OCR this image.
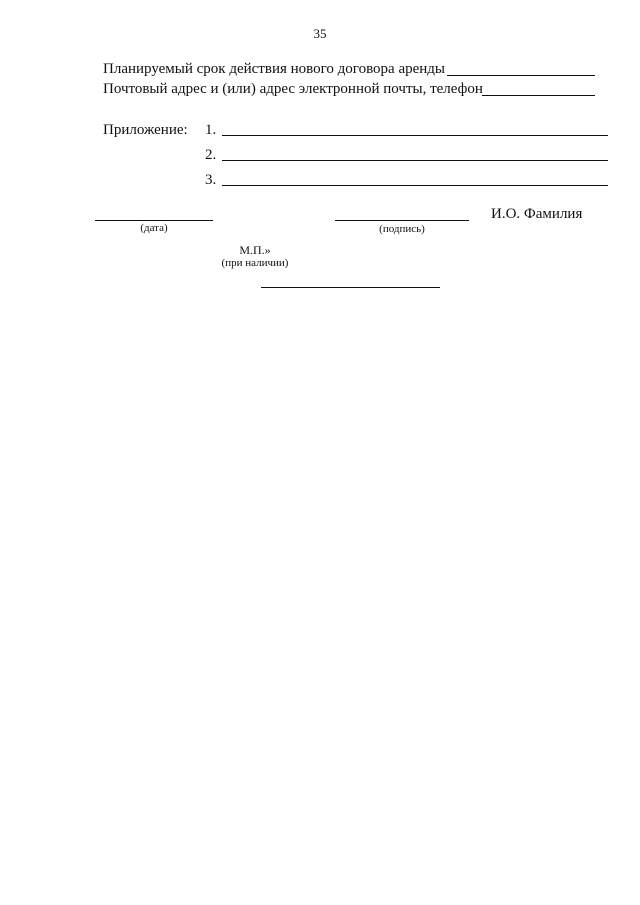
35
Планируемый срок действия нового договора аренды
Почтовый адрес и (или) адрес электронной почты, телефон
Приложение: 1.
2.
3.
(дата)	(подпись)
И.О. Фамилия
М.П.»
(при наличии)
